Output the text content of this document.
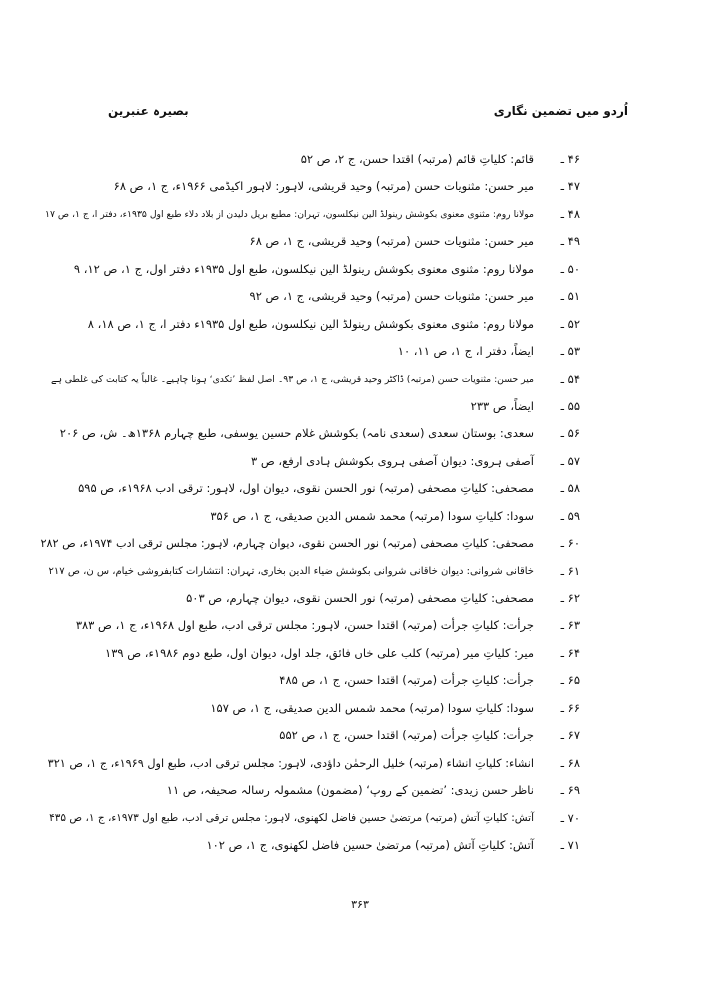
اُردو میں تضمین نگاری
بصیرہ عنبرین
۴۶ ـ
قائم: کلیاتِ قائم (مرتبہ) اقتدا حسن، ج ۲، ص ۵۲
۴۷ ـ
میر حسن: مثنویات حسن (مرتبہ) وحید قریشی، لاہور: لاہور اکیڈمی ۱۹۶۶ء، ج ۱، ص ۶۸
۴۸ ـ
مولانا روم: مثنوی معنوی بکوشش رینولڈ الین نیکلسون، تہران: مطبع بریل دلیدن از بلاد دلاء طبع اول ۱۹۳۵ء، دفتر ا، ج ۱، ص ۱۷
۴۹ ـ
میر حسن: مثنویات حسن (مرتبہ) وحید قریشی، ج ۱، ص ۶۸
۵۰ ـ
مولانا روم: مثنوی معنوی بکوشش رینولڈ الین نیکلسون، طبع اول ۱۹۳۵ء دفتر اول، ج ۱، ص ۱۲، ۹
۵۱ ـ
میر حسن: مثنویات حسن (مرتبہ) وحید قریشی، ج ۱، ص ۹۲
۵۲ ـ
مولانا روم: مثنوی معنوی بکوشش رینولڈ الین نیکلسون، طبع اول ۱۹۳۵ء دفتر ا، ج ۱، ص ۱۸، ۸
۵۳ ـ
ایضاً، دفتر ا، ج ۱، ص ۱۱، ۱۰
۵۴ ـ
میر حسن: مثنویات حسن (مرتبہ) ڈاکٹر وحید قریشی، ج ۱، ص ۹۳۔ اصل لفظ ’تکدی‘ ہونا چاہیے۔ غالباً یہ کتابت کی غلطی ہے
۵۵ ـ
ایضاً، ص ۲۳۳
۵۶ ـ
سعدی: بوستان سعدی (سعدی نامہ) بکوشش غلام حسین یوسفی، طبع چہارم ۱۳۶۸ھ۔ ش، ص ۲۰۶
۵۷ ـ
آصفی ہروی: دیوان آصفی ہروی بکوشش ہادی ارفع، ص ۳
۵۸ ـ
مصحفی: کلیاتِ مصحفی (مرتبہ) نور الحسن نقوی، دیوان اول، لاہور: ترقی ادب ۱۹۶۸ء، ص ۵۹۵
۵۹ ـ
سودا: کلیاتِ سودا (مرتبہ) محمد شمس الدین صدیقی، ج ۱، ص ۳۵۶
۶۰ ـ
مصحفی: کلیاتِ مصحفی (مرتبہ) نور الحسن نقوی، دیوان چہارم، لاہور: مجلس ترقی ادب ۱۹۷۴ء، ص ۲۸۲
۶۱ ـ
خاقانی شروانی: دیوان خاقانی شروانی بکوشش ضیاء الدین بخاری، تہران: انتشارات کتابفروشی خیام، س ن، ص ۲۱۷
۶۲ ـ
مصحفی: کلیاتِ مصحفی (مرتبہ) نور الحسن نقوی، دیوان چہارم، ص ۵۰۳
۶۳ ـ
جرأت: کلیاتِ جرأت (مرتبہ) اقتدا حسن، لاہور: مجلس ترقی ادب، طبع اول ۱۹۶۸ء، ج ۱، ص ۳۸۳
۶۴ ـ
میر: کلیاتِ میر (مرتبہ) کلب علی خاں فائق، جلد اول، دیوان اول، طبع دوم ۱۹۸۶ء، ص ۱۳۹
۶۵ ـ
جرأت: کلیاتِ جرأت (مرتبہ) اقتدا حسن، ج ۱، ص ۴۸۵
۶۶ ـ
سودا: کلیاتِ سودا (مرتبہ) محمد شمس الدین صدیقی، ج ۱، ص ۱۵۷
۶۷ ـ
جرأت: کلیاتِ جرأت (مرتبہ) اقتدا حسن، ج ۱، ص ۵۵۲
۶۸ ـ
انشاء: کلیاتِ انشاء (مرتبہ) خلیل الرحمٰن داؤدی، لاہور: مجلس ترقی ادب، طبع اول ۱۹۶۹ء، ج ۱، ص ۳۲۱
۶۹ ـ
ناظر حسن زیدی: ’تضمین کے روپ‘ (مضمون) مشمولہ رسالہ صحیفہ، ص ۱۱
۷۰ ـ
آتش: کلیاتِ آتش (مرتبہ) مرتضیٰ حسین فاضل لکھنوی، لاہور: مجلس ترقی ادب، طبع اول ۱۹۷۳ء، ج ۱، ص ۴۳۵
۷۱ ـ
آتش: کلیاتِ آتش (مرتبہ) مرتضیٰ حسین فاضل لکھنوی، ج ۱، ص ۱۰۲
۳۶۳
